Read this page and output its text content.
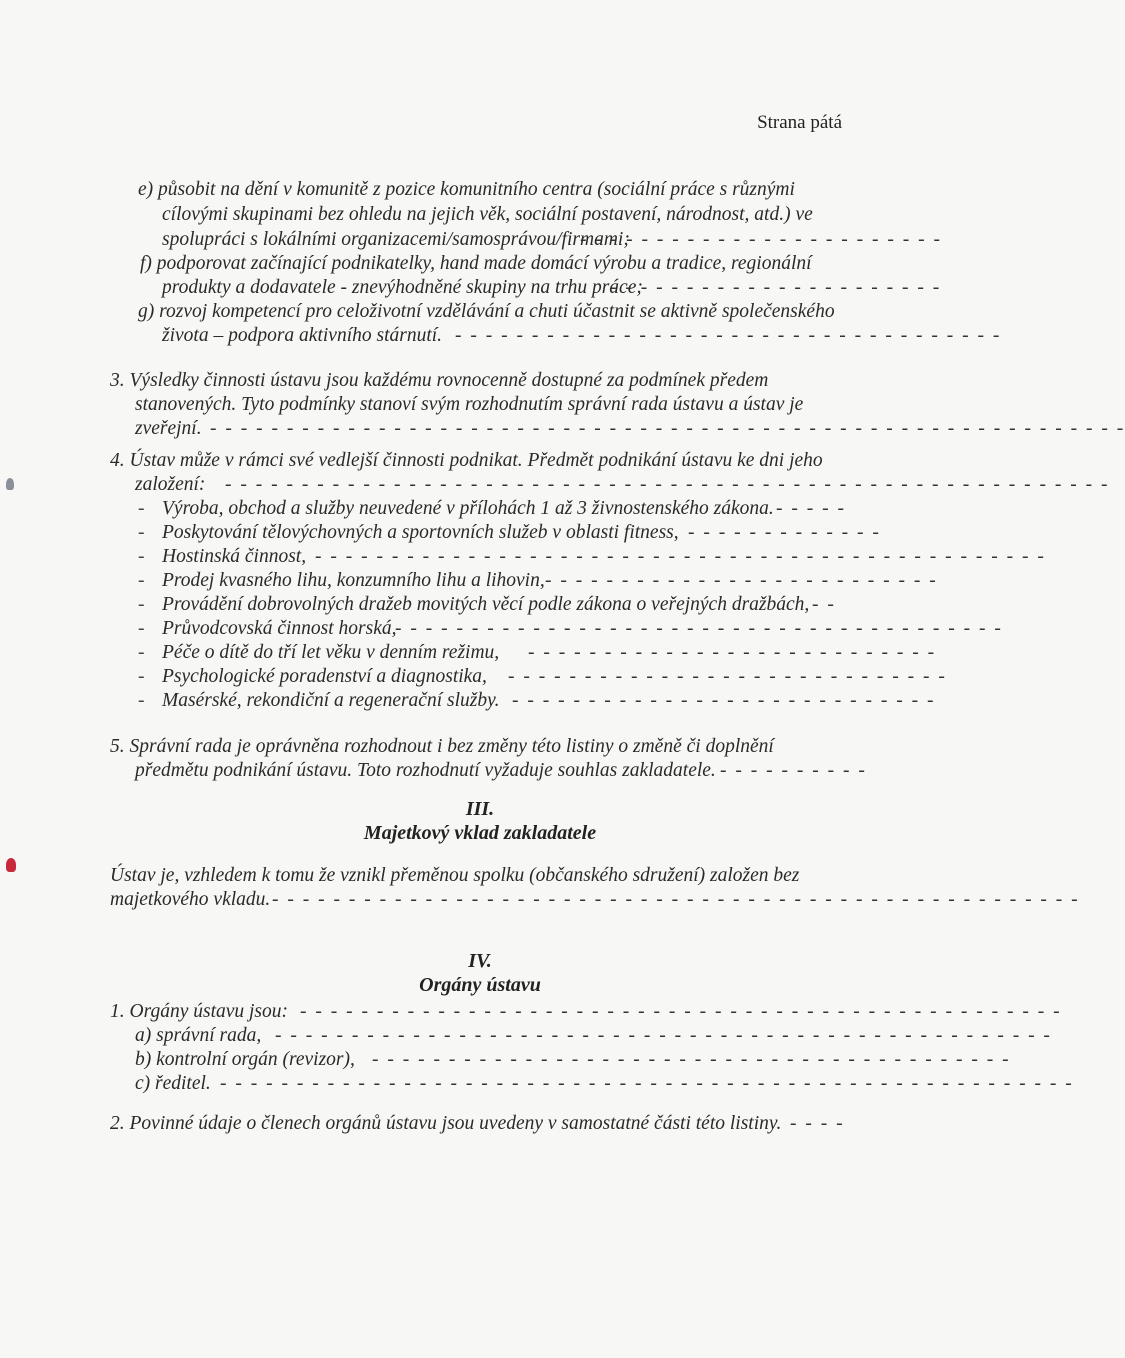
Strana pátá
e) působit na dění v komunitě z pozice komunitního centra (sociální práce s různými
cílovými skupinami bez ohledu na jejich věk, sociální postavení, národnost, atd.) ve
spolupráci s lokálními organizacemi/samosprávou/firmami;
- - - - - - - - - - - - - - - - - - - - - - - -
f) podporovat začínající podnikatelky, hand made domácí výrobu a tradice, regionální
produkty a dodavatele - znevýhodněné skupiny na trhu práce;
- - - - - - - - - - - - - - - - - - - - - -
g) rozvoj kompetencí pro celoživotní vzdělávání a chuti účastnit se aktivně společenského
života – podpora aktivního stárnutí. - - - - - - - - - - - - - - - - - - - - - - - - - - - - - - - - - - - -
3. Výsledky činnosti ústavu jsou každému rovnocenně dostupné za podmínek předem
stanovených. Tyto podmínky stanoví svým rozhodnutím správní rada ústavu a ústav je
zveřejní. - - - - - - - - - - - - - - - - - - - - - - - - - - - - - - - - - - - - - - - - - - - - - - - - - - - - - - - - - - - -
4. Ústav může v rámci své vedlejší činnosti podnikat. Předmět podnikání ústavu ke dni jeho
založení: - - - - - - - - - - - - - - - - - - - - - - - - - - - - - - - - - - - - - - - - - - - - - - - - - - - - - - - - - -
- Výroba, obchod a služby neuvedené v přílohách 1 až 3 živnostenského zákona. - - - - -
- Poskytování tělovýchovných a sportovních služeb v oblasti fitness, - - - - - - - - - - - - -
- Hostinská činnost, - - - - - - - - - - - - - - - - - - - - - - - - - - - - - - - - - - - - - - - - - - - - - - - -
- Prodej kvasného lihu, konzumního lihu a lihovin, - - - - - - - - - - - - - - - - - - - - - - - - - -
- Provádění dobrovolných dražeb movitých věcí podle zákona o veřejných dražbách, - -
- Průvodcovská činnost horská,
- - - - - - - - - - - - - - - - - - - - - - - - - - - - - - - - - - - - - - - -
- Péče o dítě do tří let věku v denním režimu, - - - - - - - - - - - - - - - - - - - - - - - - - - -
- Psychologické poradenství a diagnostika, - - - - - - - - - - - - - - - - - - - - - - - - - - - - -
- Masérské, rekondiční a regenerační služby. - - - - - - - - - - - - - - - - - - - - - - - - - - - -
5. Správní rada je oprávněna rozhodnout i bez změny této listiny o změně či doplnění
předmětu podnikání ústavu. Toto rozhodnutí vyžaduje souhlas zakladatele. - - - - - - - - - -
III.
Majetkový vklad zakladatele
Ústav je, vzhledem k tomu že vznikl přeměnou spolku (občanského sdružení) založen bez
majetkového vkladu. - - - - - - - - - - - - - - - - - - - - - - - - - - - - - - - - - - - - - - - - - - - - - - - - - - - - -
IV.
Orgány ústavu
1. Orgány ústavu jsou: - - - - - - - - - - - - - - - - - - - - - - - - - - - - - - - - - - - - - - - - - - - - - - - - - -
a) správní rada, - - - - - - - - - - - - - - - - - - - - - - - - - - - - - - - - - - - - - - - - - - - - - - - - - - -
b) kontrolní orgán (revizor), - - - - - - - - - - - - - - - - - - - - - - - - - - - - - - - - - - - - - - - - - -
c) ředitel. - - - - - - - - - - - - - - - - - - - - - - - - - - - - - - - - - - - - - - - - - - - - - - - - - - - - - - - -
2. Povinné údaje o členech orgánů ústavu jsou uvedeny v samostatné části této listiny. - - - -
